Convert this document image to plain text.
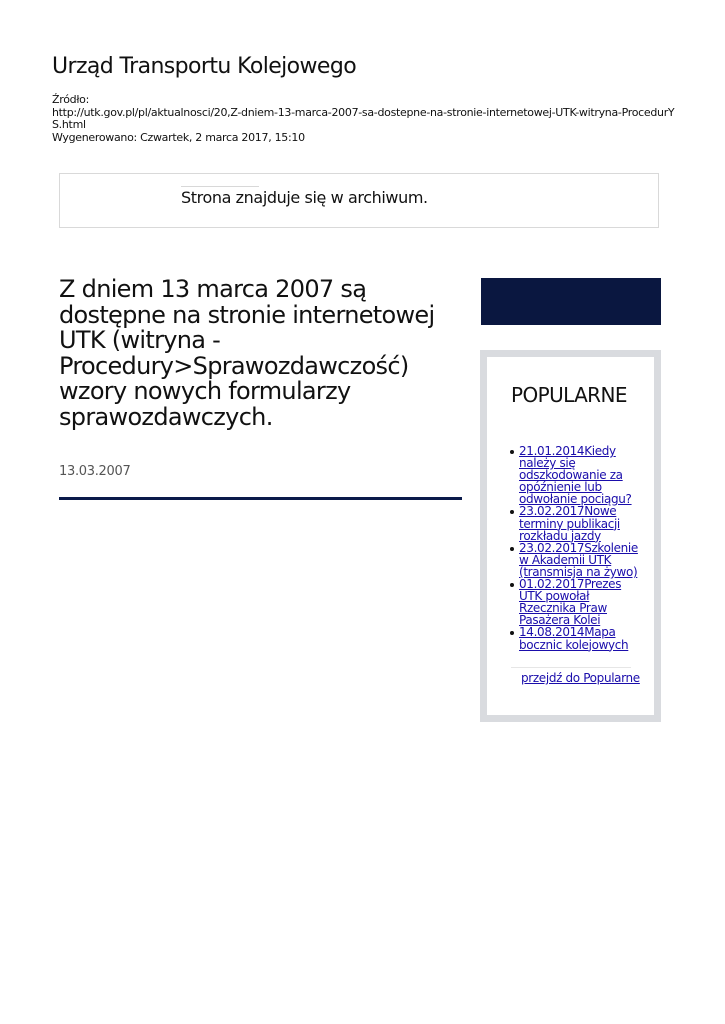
Urząd Transportu Kolejowego
Źródło:
http://utk.gov.pl/pl/aktualnosci/20,Z-dniem-13-marca-2007-sa-dostepne-na-stronie-internetowej-UTK-witryna-ProcedurYS.html
Wygenerowano: Czwartek, 2 marca 2017, 15:10
Strona znajduje się w archiwum.
Z dniem 13 marca 2007 są dostępne na stronie internetowej UTK (witryna - Procedury>Sprawozdawczość) wzory nowych formularzy sprawozdawczych.
13.03.2007
POPULARNE
21.01.2014Kiedy należy się odszkodowanie za opóźnienie lub odwołanie pociągu?
23.02.2017Nowe terminy publikacji rozkładu jazdy
23.02.2017Szkolenie w Akademii UTK (transmisja na żywo)
01.02.2017Prezes UTK powołał Rzecznika Praw Pasażera Kolei
14.08.2014Mapa bocznic kolejowych
przejdź do Popularne
